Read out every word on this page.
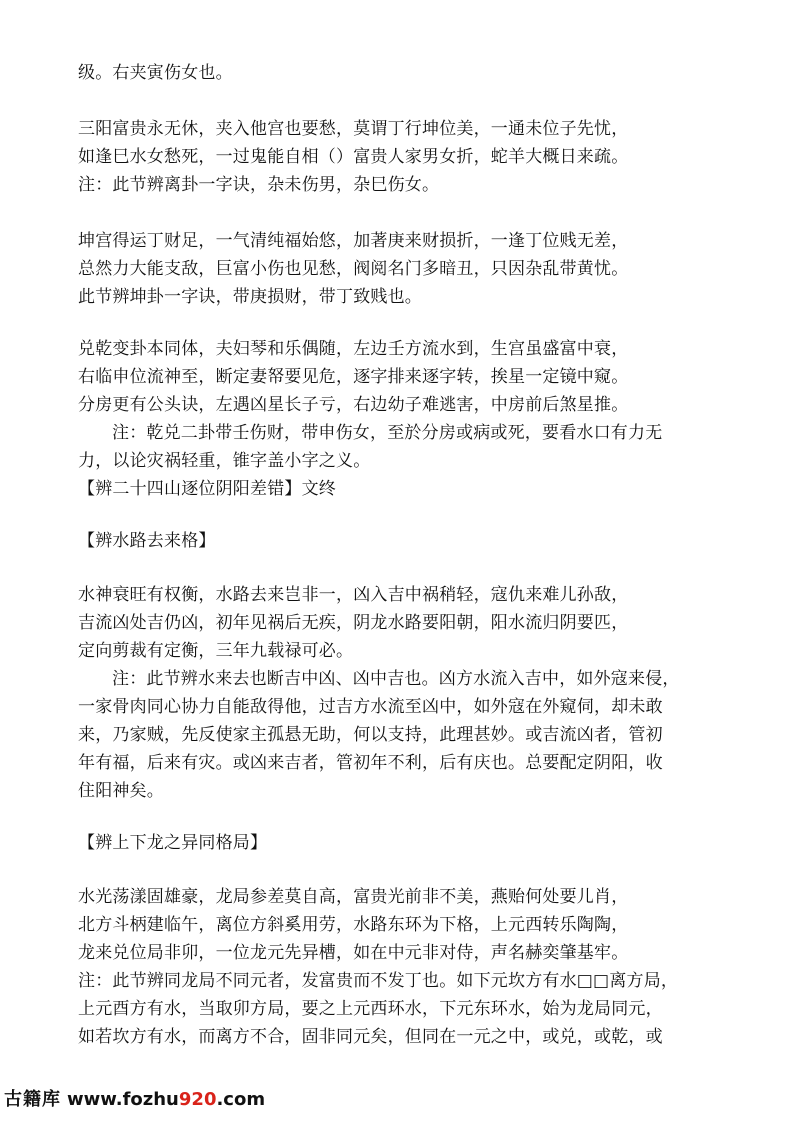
级。右夹寅伤女也。
三阳富贵永无休，夹入他宫也要愁，莫谓丁行坤位美，一通未位子先忧，
如逢巳水女愁死，一过鬼能自相（）富贵人家男女折，蛇羊大概日来疏。
注：此节辨离卦一字诀，杂未伤男，杂巳伤女。
坤宫得运丁财足，一气清纯福始悠，加著庚来财损折，一逢丁位贱无差，
总然力大能支敌，巨富小伤也见愁，阀阅名门多暗丑，只因杂乱带黄忧。
此节辨坤卦一字诀，带庚损财，带丁致贱也。
兑乾变卦本同体，夫妇琴和乐偶随，左边壬方流水到，生宫虽盛富中衰，
右临申位流神至，断定妻帑要见危，逐字排来逐字转，挨星一定镜中窥。
分房更有公头诀，左遇凶星长子亏，右边幼子难逃害，中房前后煞星推。
注：乾兑二卦带壬伤财，带申伤女，至於分房或病或死，要看水口有力无
力，以论灾祸轻重，锥字盖小字之义。
【辨二十四山逐位阴阳差错】文终
【辨水路去来格】
水神衰旺有权衡，水路去来岂非一，凶入吉中祸稍轻，寇仇来难儿孙敌，
吉流凶处吉仍凶，初年见祸后无疾，阴龙水路要阳朝，阳水流归阴要匹，
定向剪裁有定衡，三年九载禄可必。
注：此节辨水来去也断吉中凶、凶中吉也。凶方水流入吉中，如外寇来侵，
一家骨肉同心协力自能敌得他，过吉方水流至凶中，如外寇在外窥伺，却未敢
来，乃家贼，先反使家主孤悬无助，何以支持，此理甚妙。或吉流凶者，管初
年有福，后来有灾。或凶来吉者，管初年不利，后有庆也。总要配定阴阳，收
住阳神矣。
【辨上下龙之异同格局】
水光荡漾固雄豪，龙局参差莫自高，富贵光前非不美，燕贻何处要儿肖，
北方斗柄建临午，离位方斜奚用劳，水路东环为下格，上元西转乐陶陶，
龙来兑位局非卯，一位龙元先异槽，如在中元非对侍，声名赫奕肇基牢。
注：此节辨同龙局不同元者，发富贵而不发丁也。如下元坎方有水□□离方局，
上元酉方有水，当取卯方局，要之上元西环水，下元东环水，始为龙局同元，
如若坎方有水，而离方不合，固非同元矣，但同在一元之中，或兑，或乾，或
古籍库 www.fozhu920.com
